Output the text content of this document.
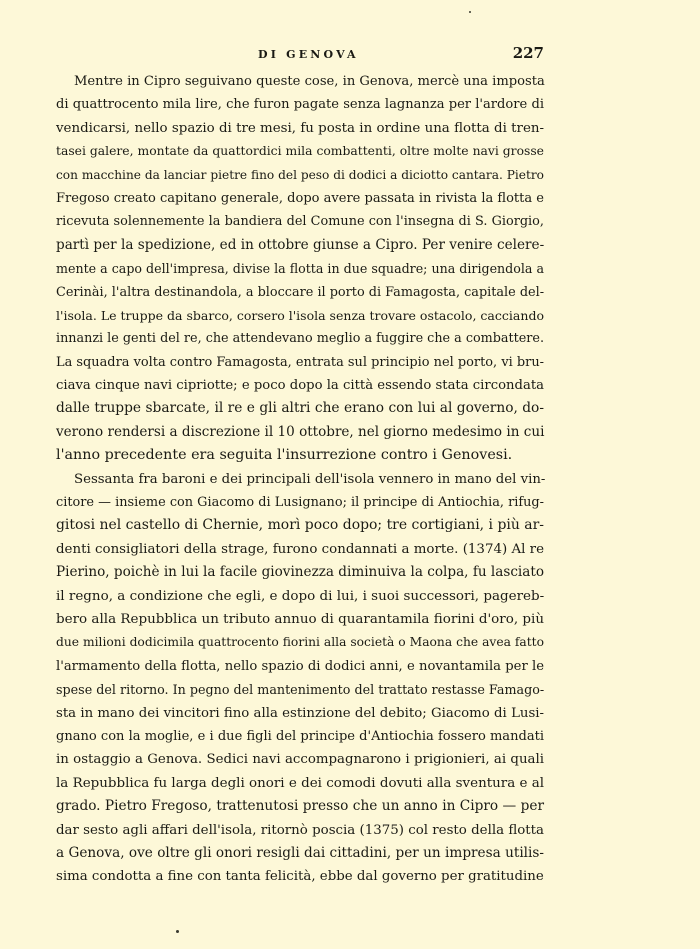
DI GENOVA	227
Mentre in Cipro seguivano queste cose, in Genova, mercè una imposta
di quattrocento mila lire, che furon pagate senza lagnanza per l'ardore di
vendicarsi, nello spazio di tre mesi, fu posta in ordine una flotta di tren-
tasei galere, montate da quattordici mila combattenti, oltre molte navi grosse
con macchine da lanciar pietre fino del peso di dodici a diciotto cantara. Pietro
Fregoso creato capitano generale, dopo avere passata in rivista la flotta e
ricevuta solennemente la bandiera del Comune con l'insegna di S. Giorgio,
partì per la spedizione, ed in ottobre giunse a Cipro. Per venire celere-
mente a capo dell'impresa, divise la flotta in due squadre; una dirigendola a
Cerinài, l'altra destinandola, a bloccare il porto di Famagosta, capitale del-
l'isola. Le truppe da sbarco, corsero l'isola senza trovare ostacolo, cacciando
innanzi le genti del re, che attendevano meglio a fuggire che a combattere.
La squadra volta contro Famagosta, entrata sul principio nel porto, vi bru-
ciava cinque navi cipriotte; e poco dopo la città essendo stata circondata
dalle truppe sbarcate, il re e gli altri che erano con lui al governo, do-
verono rendersi a discrezione il 10 ottobre, nel giorno medesimo in cui
l'anno precedente era seguita l'insurrezione contro i Genovesi.
Sessanta fra baroni e dei principali dell'isola vennero in mano del vin-
citore — insieme con Giacomo di Lusignano; il principe di Antiochia, rifug-
gitosi nel castello di Chernie, morì poco dopo; tre cortigiani, i più ar-
denti consigliatori della strage, furono condannati a morte. (1374) Al re
Pierino, poichè in lui la facile giovinezza diminuiva la colpa, fu lasciato
il regno, a condizione che egli, e dopo di lui, i suoi successori, pagereb-
bero alla Repubblica un tributo annuo di quarantamila fiorini d'oro, più
due milioni dodicimila quattrocento fiorini alla società o Maona che avea fatto
l'armamento della flotta, nello spazio di dodici anni, e novantamila per le
spese del ritorno. In pegno del mantenimento del trattato restasse Famago-
sta in mano dei vincitori fino alla estinzione del debito; Giacomo di Lusi-
gnano con la moglie, e i due figli del principe d'Antiochia fossero mandati
in ostaggio a Genova. Sedici navi accompagnarono i prigionieri, ai quali
la Repubblica fu larga degli onori e dei comodi dovuti alla sventura e al
grado. Pietro Fregoso, trattenutosi presso che un anno in Cipro — per
dar sesto agli affari dell'isola, ritornò poscia (1375) col resto della flotta
a Genova, ove oltre gli onori resigli dai cittadini, per un impresa utilis-
sima condotta a fine con tanta felicità, ebbe dal governo per gratitudine
